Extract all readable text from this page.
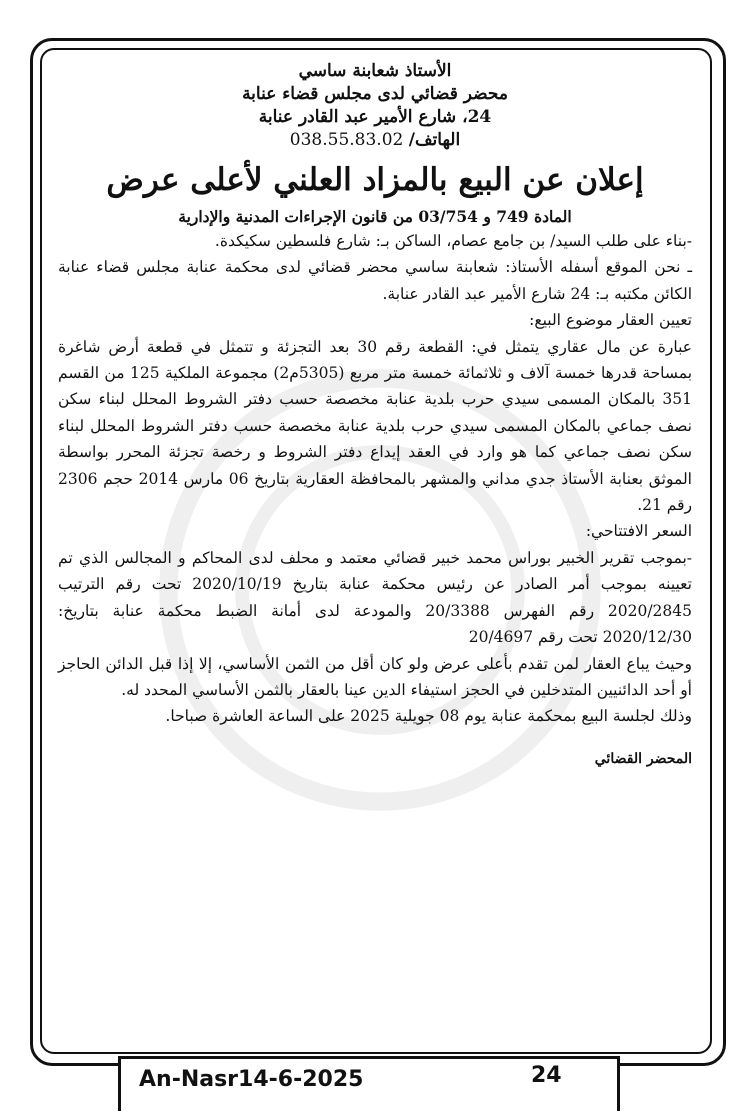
الأستاذ شعابنة ساسي
محضر قضائي لدى مجلس قضاء عنابة
24، شارع الأمير عبد القادر عنابة
الهاتف/ 038.55.83.02
إعلان عن البيع بالمزاد العلني لأعلى عرض
المادة 749 و 03/754 من قانون الإجراءات المدنية والإدارية
-بناء على طلب السيد/ بن جامع عصام، الساكن بـ: شارع فلسطين سكيكدة.
ـ نحن الموقع أسفله الأستاذ: شعابنة ساسي محضر قضائي لدى محكمة عنابة مجلس قضاء عنابة الكائن مكتبه بـ: 24 شارع الأمير عبد القادر عنابة.
تعيين العقار موضوع البيع:
عبارة عن مال عقاري يتمثل في: القطعة رقم 30 بعد التجزئة و تتمثل في قطعة أرض شاغرة بمساحة قدرها خمسة آلاف و ثلاثمائة خمسة متر مربع (5305م2) مجموعة الملكية 125 من القسم 351 بالمكان المسمى سيدي حرب بلدية عنابة مخصصة حسب دفتر الشروط المحلل لبناء سكن نصف جماعي بالمكان المسمى سيدي حرب بلدية عنابة مخصصة حسب دفتر الشروط المحلل لبناء سكن نصف جماعي كما هو وارد في العقد إيداع دفتر الشروط و رخصة تجزئة المحرر بواسطة الموثق بعنابة الأستاذ جدي مداني والمشهر بالمحافظة العقارية بتاريخ 06 مارس 2014 حجم 2306 رقم 21.
السعر الافتتاحي:
-بموجب تقرير الخبير بوراس محمد خبير قضائي معتمد و محلف لدى المحاكم و المجالس الذي تم تعيينه بموجب أمر الصادر عن رئيس محكمة عنابة بتاريخ 2020/10/19 تحت رقم الترتيب 2020/2845 رقم الفهرس 20/3388 والمودعة لدى أمانة الضبط محكمة عنابة بتاريخ: 2020/12/30 تحت رقم 20/4697
وحيث يباع العقار لمن تقدم بأعلى عرض ولو كان أقل من الثمن الأساسي، إلا إذا قبل الدائن الحاجز أو أحد الدائنيين المتدخلين في الحجز استيفاء الدين عينا بالعقار بالثمن الأساسي المحدد له.
وذلك لجلسة البيع بمحكمة عنابة يوم 08 جويلية 2025 على الساعة العاشرة صباحا.
المحضر القضائي
An-Nasr14-6-2025	24
